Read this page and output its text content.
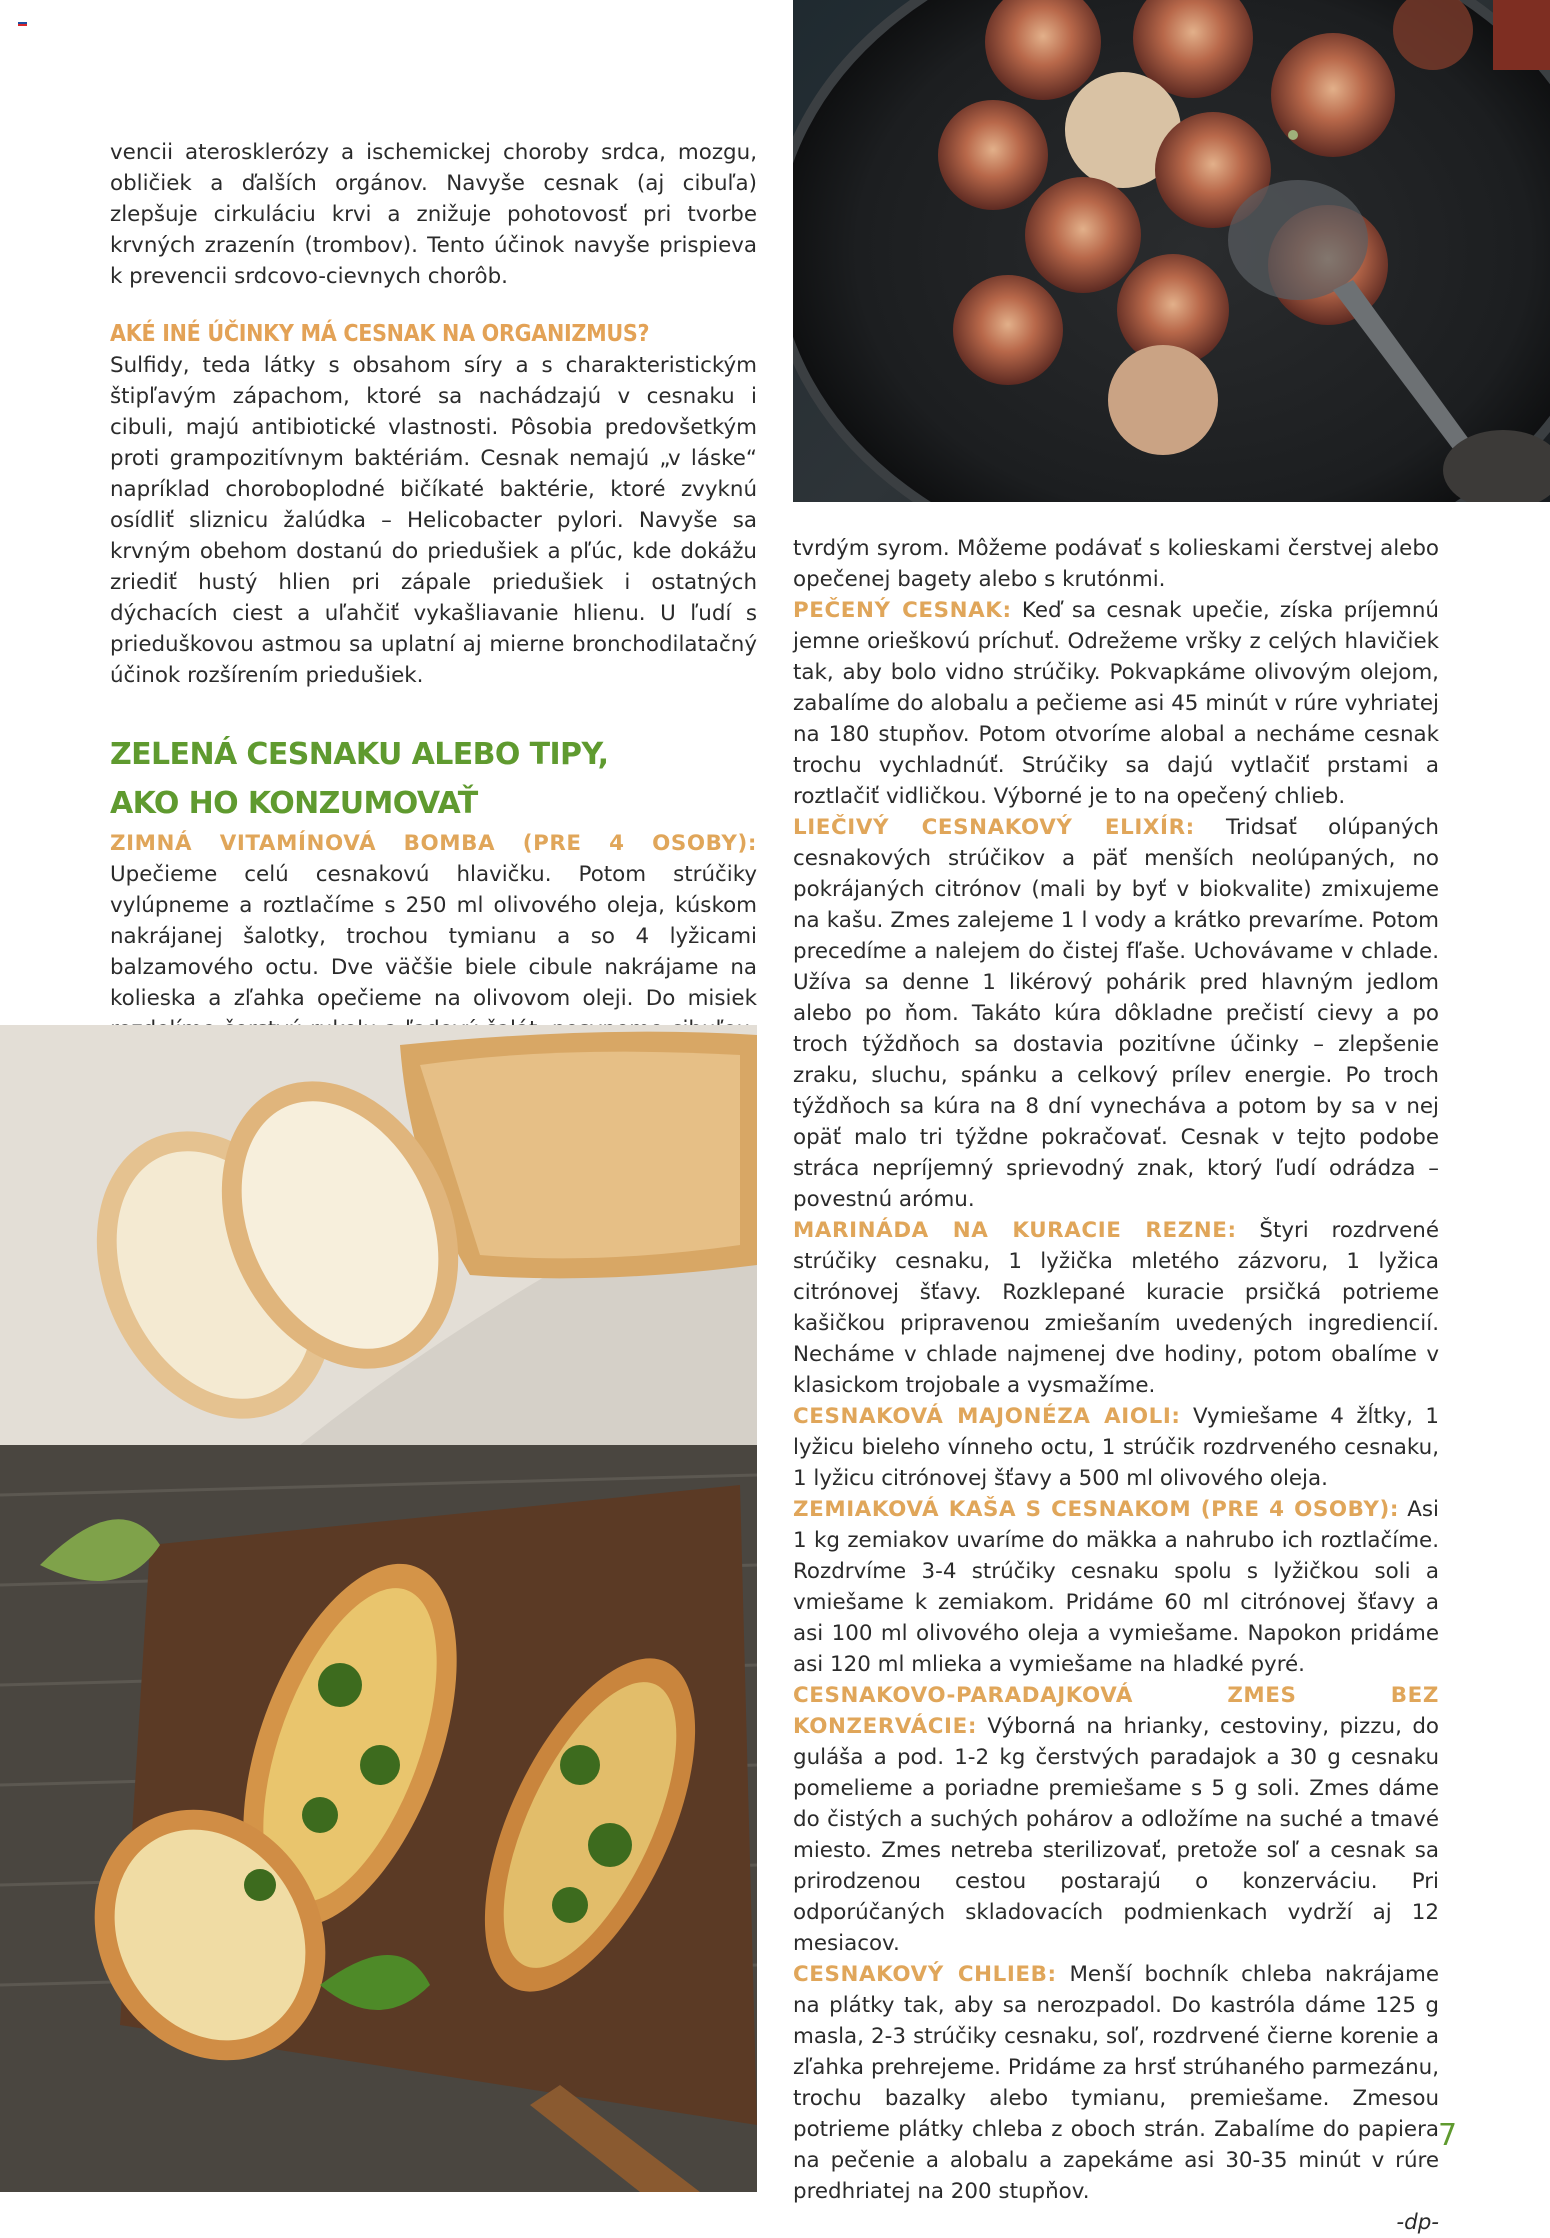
vencii aterosklerózy a ischemickej choroby srdca, mozgu, obličiek a ďalších orgánov. Navyše cesnak (aj cibuľa) zlepšuje cirkuláciu krvi a znižuje pohotovosť pri tvorbe krvných zrazenín (trombov). Tento účinok navyše prispieva k prevencii srdcovo-cievnych chorôb.

AKÉ INÉ ÚČINKY MÁ CESNAK NA ORGANIZMUS?

Sulfidy, teda látky s obsahom síry a s charakteristickým štipľavým zápachom, ktoré sa nachádzajú v cesnaku i cibuli, majú antibiotické vlastnosti. Pôsobia predovšetkým proti grampozitívnym baktériám. Cesnak nemajú „v láske“ napríklad choroboplodné bičíkaté baktérie, ktoré zvyknú osídliť sliznicu žalúdka – Helicobacter pylori. Navyše sa krvným obehom dostanú do priedušiek a pľúc, kde dokážu zriediť hustý hlien pri zápale priedušiek i ostatných dýchacích ciest a uľahčiť vykašliavanie hlienu. U ľudí s prieduškovou astmou sa uplatní aj mierne bronchodilatačný účinok rozšírením priedušiek.

ZELENÁ CESNAKU ALEBO TIPY,

AKO HO KONZUMOVAŤ

ZIMNÁ VITAMÍNOVÁ BOMBA (PRE 4 OSOBY): Upečieme celú cesnakovú hlavičku. Potom strúčiky vylúpneme a roztlačíme s 250 ml olivového oleja, kúskom nakrájanej šalotky, trochou tymianu a so 4 lyžicami balzamového octu. Dve väčšie biele cibule nakrájame na kolieska a zľahka opečieme na olivovom oleji. Do misiek

tvrdým syrom. Môžeme podávať s kolieskami čerstvej alebo opečenej bagety alebo s krutónmi.

PEČENÝ CESNAK: Keď sa cesnak upečie, získa príjemnú jemne orieškovú príchuť. Odrežeme vršky z celých hlavičiek tak, aby bolo vidno strúčiky. Pokvapkáme olivovým olejom, zabalíme do alobalu a pečieme asi 45 minút v rúre vyhriatej na 180 stupňov. Potom otvoríme alobal a necháme cesnak trochu vychladnúť. Strúčiky sa dajú vytlačiť prstami a roztlačiť vidličkou. Výborné je to na opečený chlieb.

LIEČIVÝ CESNAKOVÝ ELIXÍR: Tridsať olúpaných cesnakových strúčikov a päť menších neolúpaných, no pokrájaných citrónov (mali by byť v biokvalite) zmixujeme na kašu. Zmes zalejeme 1 l vody a krátko prevaríme. Potom precedíme a nalejem do čistej fľaše. Uchovávame v chlade. Užíva sa denne 1 likérový pohárik pred hlavným jedlom alebo po ňom. Takáto kúra dôkladne prečistí cievy a po troch týždňoch sa dostavia pozitívne účinky – zlepšenie zraku, sluchu, spánku a celkový prílev energie. Po troch týždňoch sa kúra na 8 dní vynecháva a potom by sa v nej opäť malo tri týždne pokračovať. Cesnak v tejto podobe stráca nepríjemný sprievodný znak, ktorý ľudí odrádza – povestnú arómu.

MARINÁDA NA KURACIE REZNE: Štyri rozdrvené strúčiky cesnaku, 1 lyžička mletého zázvoru, 1 lyžica citrónovej šťavy. Rozklepané kuracie prsičká potrieme kašičkou pripravenou zmiešaním uvedených ingrediencií. Necháme v chlade najmenej dve hodiny, potom obalíme v klasickom trojobale a vysmažíme.

CESNAKOVÁ MAJONÉZA AIOLI: Vymiešame 4 žĺtky, 1 lyžicu bieleho vínneho octu, 1 strúčik rozdrveného cesnaku, 1 lyžicu citrónovej šťavy a 500 ml olivového oleja.

ZEMIAKOVÁ KAŠA S CESNAKOM (PRE 4 OSOBY): Asi 1 kg zemiakov uvaríme do mäkka a nahrubo ich roztlačíme. Rozdrvíme 3-4 strúčiky cesnaku spolu s lyžičkou soli a vmiešame k zemiakom. Pridáme 60 ml citrónovej šťavy a asi 100 ml olivového oleja a vymiešame. Napokon pridáme asi 120 ml mlieka a vymiešame na hladké pyré.

CESNAKOVO-PARADAJKOVÁ ZMES BEZ KONZERVÁCIE: Výborná na hrianky, cestoviny, pizzu, do guláša a pod. 1-2 kg čerstvých paradajok a 30 g cesnaku pomelieme a poriadne premiešame s 5 g soli. Zmes dáme do čistých a suchých pohárov a odložíme na suché a tmavé miesto. Zmes netreba sterilizovať, pretože soľ a cesnak sa prirodzenou cestou postarajú o konzerváciu. Pri odporúčaných skladovacích podmienkach vydrží aj 12 mesiacov.

CESNAKOVÝ CHLIEB: Menší bochník chleba nakrájame na plátky tak, aby sa nerozpadol. Do kastróla dáme 125 g masla, 2-3 strúčiky cesnaku, soľ, rozdrvené čierne korenie a zľahka prehrejeme. Pridáme za hrsť strúhaného parmezánu, trochu bazalky alebo tymianu, premiešame. Zmesou potrieme plátky chleba z oboch strán. Zabalíme do papiera na pečenie a alobalu a zapekáme asi 30-35 minút v rúre predhriatej na 200 stupňov.

-dp-

7
